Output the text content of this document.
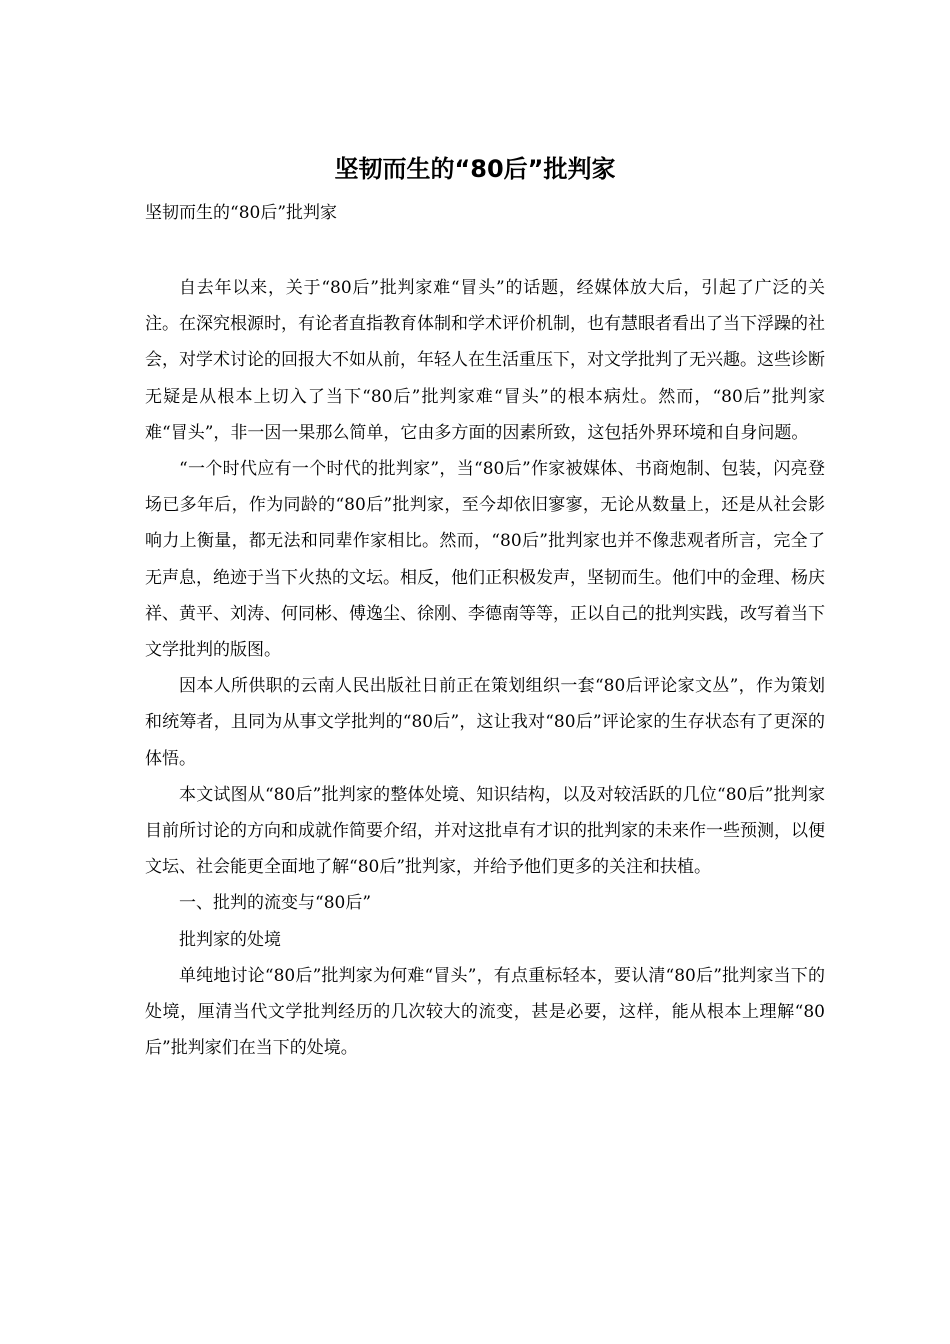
坚韧而生的“80后”批判家

坚韧而生的“80后”批判家

自去年以来，关于“80后”批判家难“冒头”的话题，经媒体放大后，引起了广泛的关注。在深究根源时，有论者直指教育体制和学术评价机制，也有慧眼者看出了当下浮躁的社会，对学术讨论的回报大不如从前，年轻人在生活重压下，对文学批判了无兴趣。这些诊断无疑是从根本上切入了当下“80后”批判家难“冒头”的根本病灶。然而，“80后”批判家难“冒头”，非一因一果那么简单，它由多方面的因素所致，这包括外界环境和自身问题。

“一个时代应有一个时代的批判家”，当“80后”作家被媒体、书商炮制、包装，闪亮登场已多年后，作为同龄的“80后”批判家，至今却依旧寥寥，无论从数量上，还是从社会影响力上衡量，都无法和同辈作家相比。然而，“80后”批判家也并不像悲观者所言，完全了无声息，绝迹于当下火热的文坛。相反，他们正积极发声，坚韧而生。他们中的金理、杨庆祥、黄平、刘涛、何同彬、傅逸尘、徐刚、李德南等等，正以自己的批判实践，改写着当下文学批判的版图。

因本人所供职的云南人民出版社日前正在策划组织一套“80后评论家文丛”，作为策划和统筹者，且同为从事文学批判的“80后”，这让我对“80后”评论家的生存状态有了更深的体悟。

本文试图从“80后”批判家的整体处境、知识结构，以及对较活跃的几位“80后”批判家目前所讨论的方向和成就作简要介绍，并对这批卓有才识的批判家的未来作一些预测，以便文坛、社会能更全面地了解“80后”批判家，并给予他们更多的关注和扶植。

一、批判的流变与“80后”

批判家的处境

单纯地讨论“80后”批判家为何难“冒头”，有点重标轻本，要认清“80后”批判家当下的处境，厘清当代文学批判经历的几次较大的流变，甚是必要，这样，能从根本上理解“80后”批判家们在当下的处境。
